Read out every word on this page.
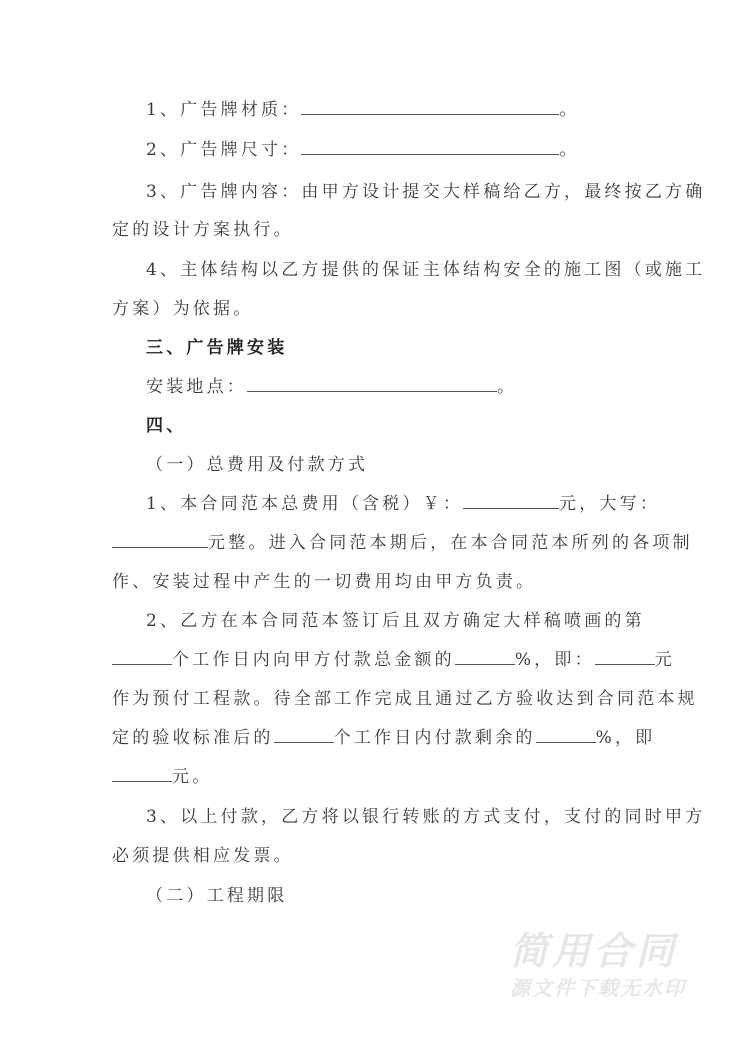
1、广告牌材质：	。
2、广告牌尺寸：	。
3、广告牌内容：由甲方设计提交大样稿给乙方，最终按乙方确
定的设计方案执行。
4、主体结构以乙方提供的保证主体结构安全的施工图（或施工
方案）为依据。
三、广告牌安装
安装地点：	。
四、
（一）总费用及付款方式
1、本合同范本总费用（含税）￥：	元，大写：
元整。进入合同范本期后，在本合同范本所列的各项制
作、安装过程中产生的一切费用均由甲方负责。
2、乙方在本合同范本签订后且双方确定大样稿喷画的第
个工作日内向甲方付款总金额的	%，即：	元
作为预付工程款。待全部工作完成且通过乙方验收达到合同范本规
定的验收标准后的	个工作日内付款剩余的	%，即
元。
3、以上付款，乙方将以银行转账的方式支付，支付的同时甲方
必须提供相应发票。
（二）工程期限
简用合同
源文件下载无水印
